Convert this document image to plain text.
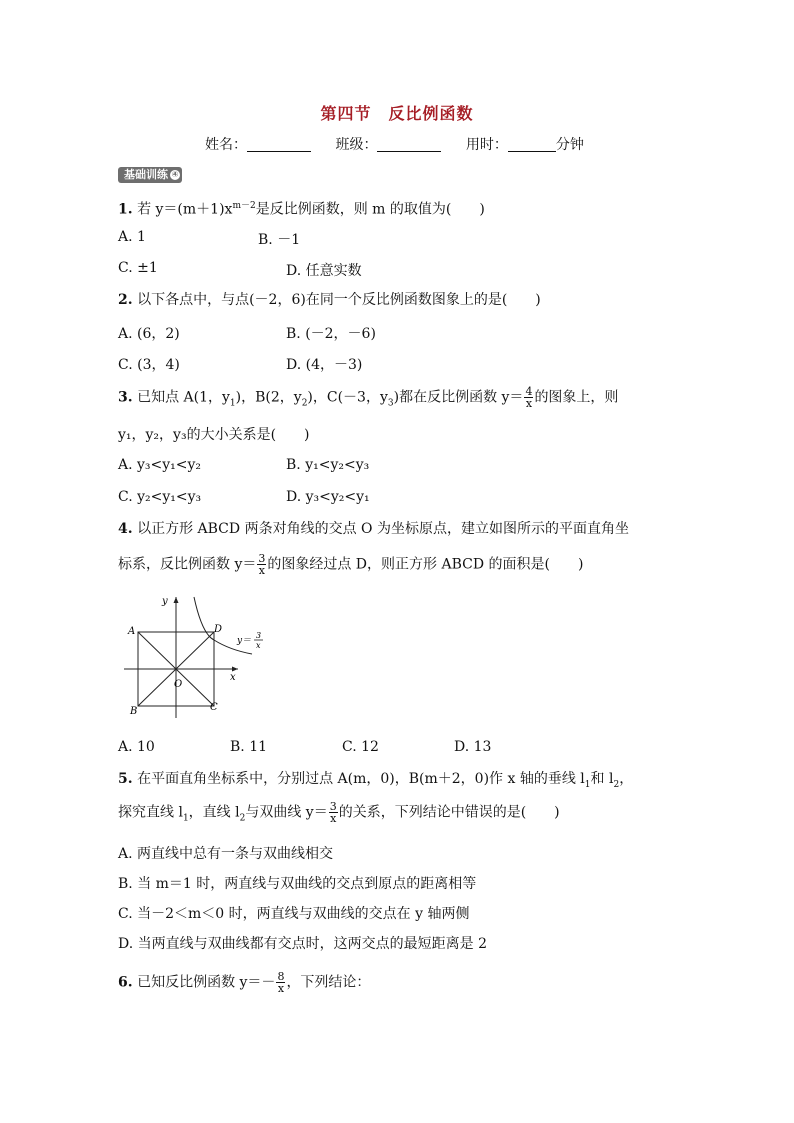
第四节　反比例函数
姓名：	班级：	用时：	分钟
基础训练 ④
1. 若 $y=(m+1)x^{m-2}$是反比例函数，则 m 的取值为(　　)
A. 1	B. －1
C. ±1	D. 任意实数
2. 以下各点中，与点(－2，6)在同一个反比例函数图象上的是(　　)
A. (6，2)	B. (－2，－6)
C. (3，4)	D. (4，－3)
3. 已知点 A(1，$y_1$)，B(2，$y_2$)，C(－3，$y_3$)都在反比例函数 $y= \frac{4}{x}$ 的图象上，则
y₁，y₂，y₃的大小关系是(　　)
A. y₃<y₁<y₂	B. y₁<y₂<y₃
C. y₂<y₁<y₃	D. y₃<y₂<y₁
4. 以正方形 ABCD 两条对角线的交点 O 为坐标原点，建立如图所示的平面直角坐
标系，反比例函数 $y= \frac{3}{x}$ 的图象经过点 D，则正方形 ABCD 的面积是(　　)
y
x
A	D
B	C
O
y＝
3
x
A. 10	B. 11	C. 12	D. 13
5. 在平面直角坐标系中，分别过点 A(m，0)，B(m＋2，0)作 x 轴的垂线 $l_1$和 $l_2$，
探究直线 $l_1$，直线 $l_2$与双曲线 $y= \frac{3}{x}$ 的关系，下列结论中错误的是(　　)
A. 两直线中总有一条与双曲线相交
B. 当 m＝1 时，两直线与双曲线的交点到原点的距离相等
C. 当－2＜m＜0 时，两直线与双曲线的交点在 y 轴两侧
D. 当两直线与双曲线都有交点时，这两交点的最短距离是 2
6. 已知反比例函数 $y=- \frac{8}{x}$ ，下列结论：
